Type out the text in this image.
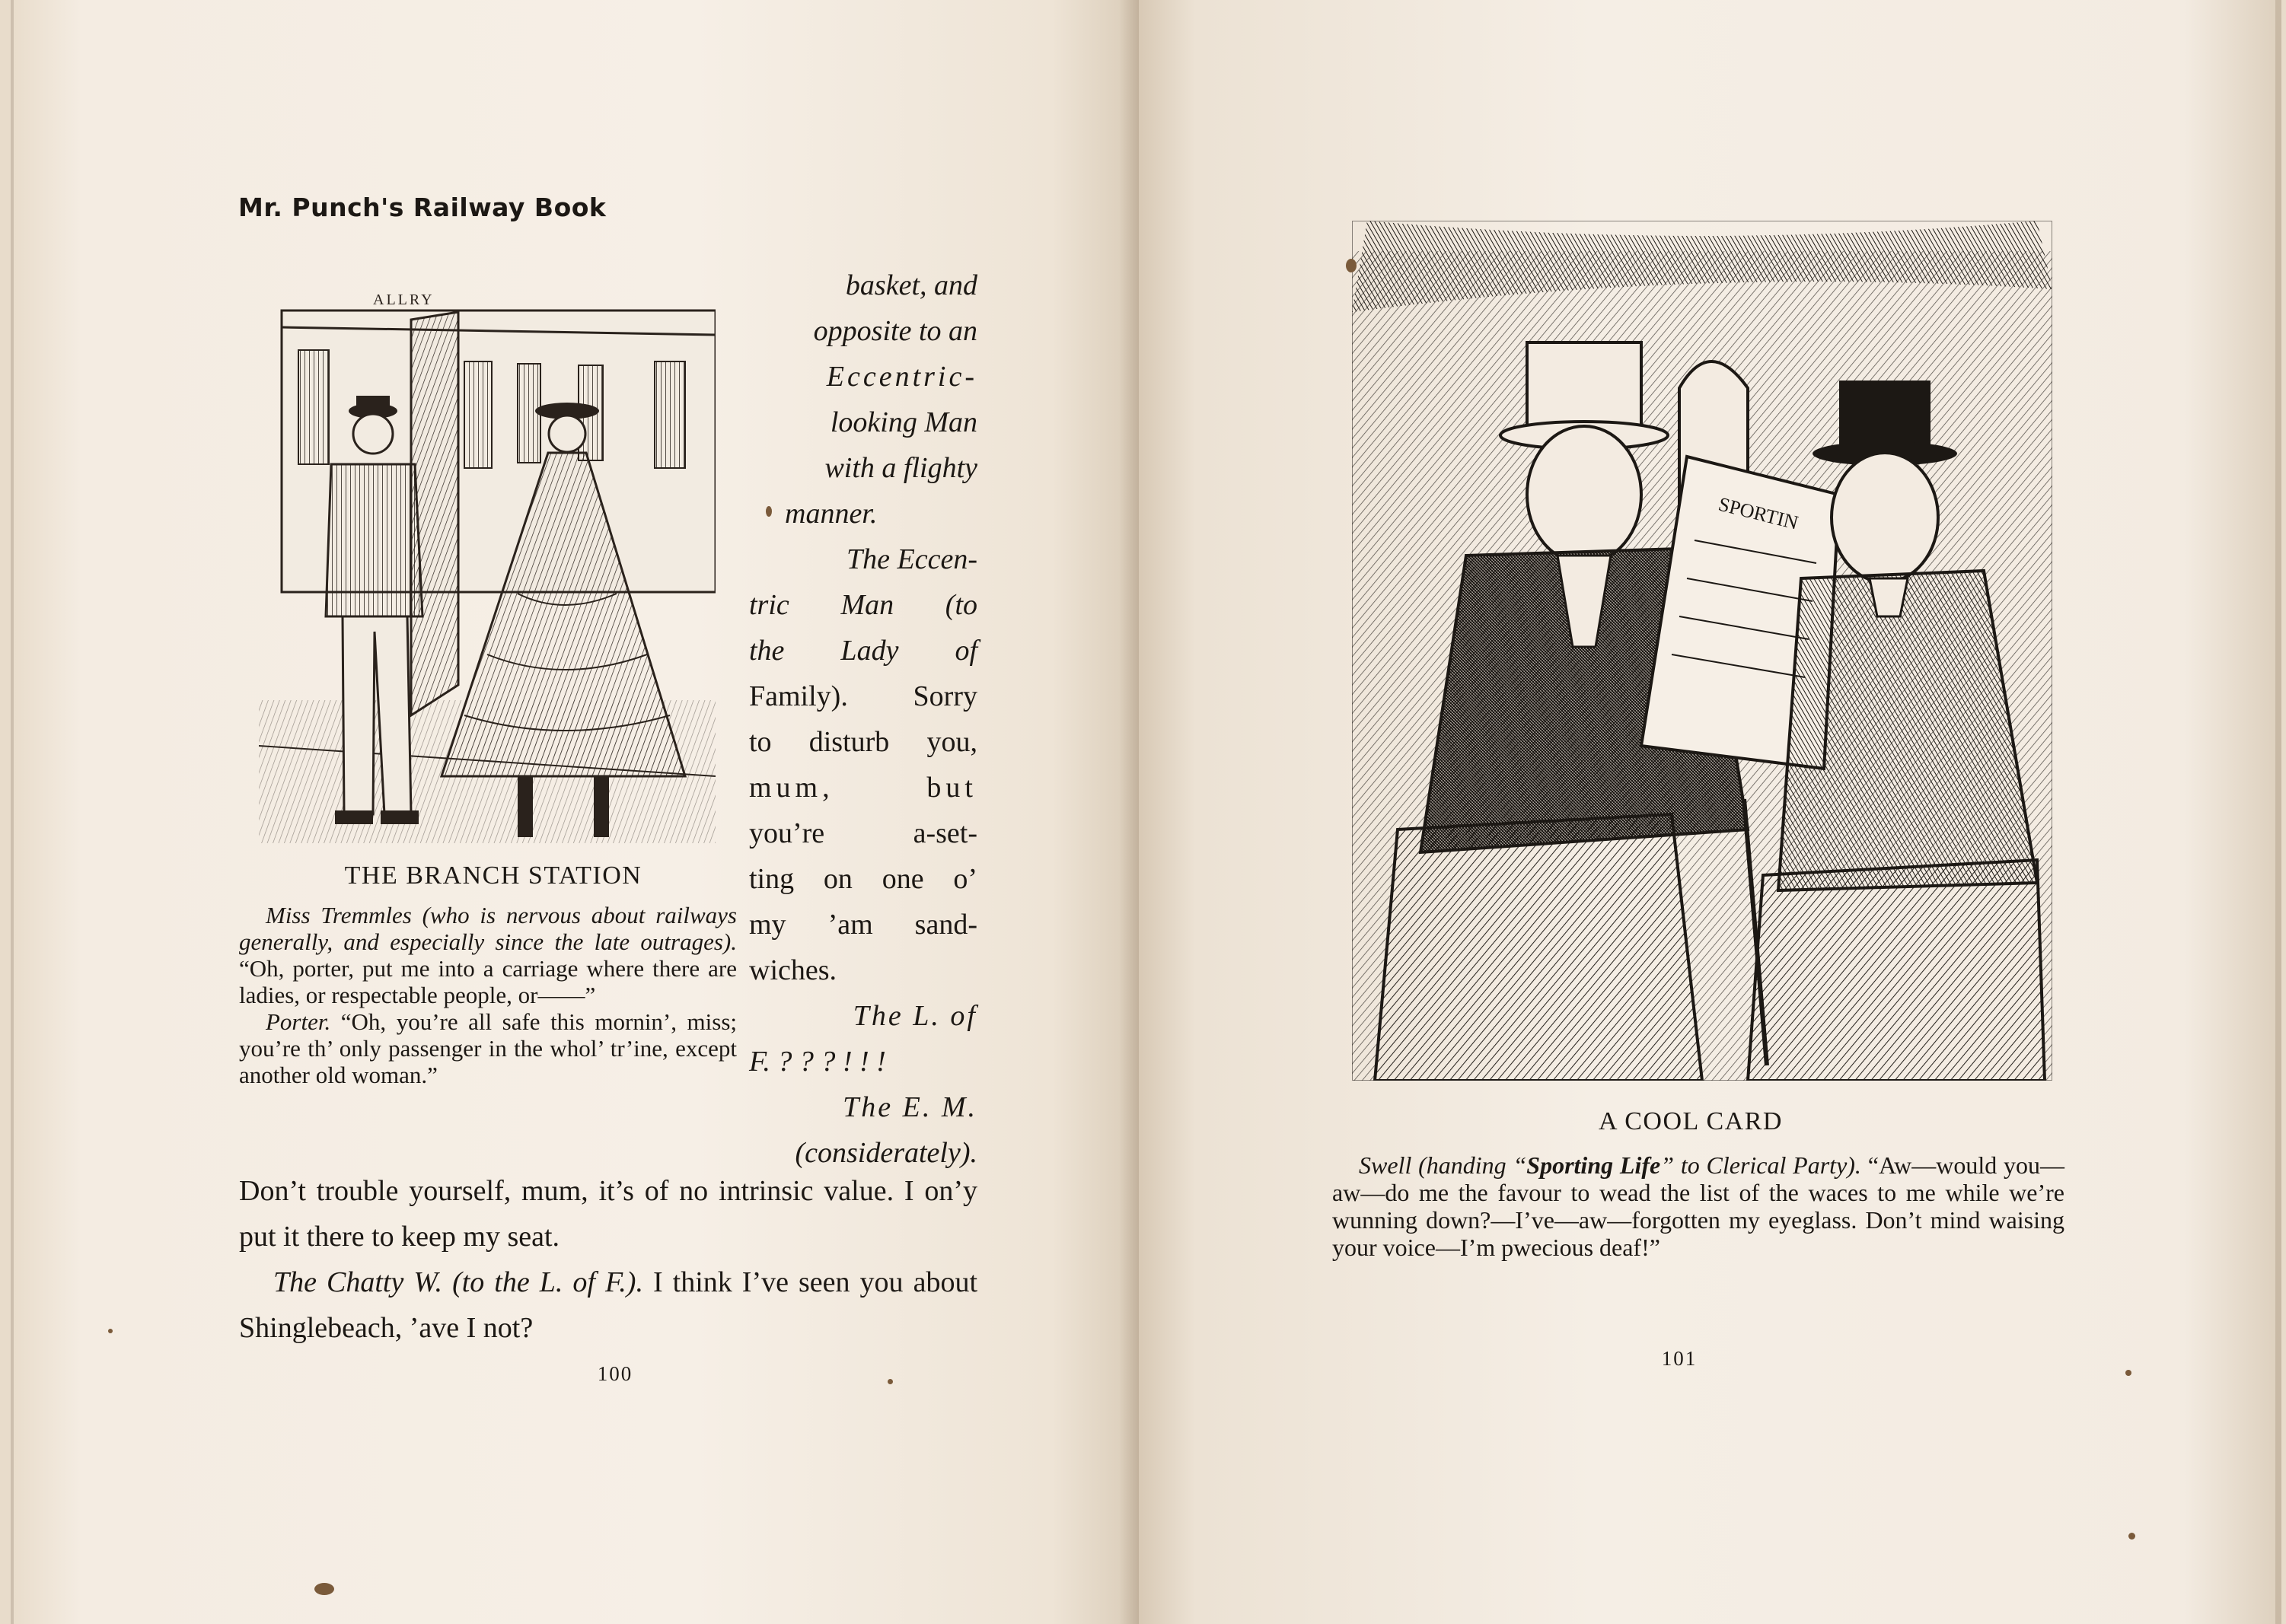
Mr. Punch's Railway Book
ALLRY
THE BRANCH STATION

Miss Tremmles (who is nervous about railways generally, and especially since the late outrages). “Oh, porter, put me into a carriage where there are ladies, or respectable people, or——”

Porter. “Oh, you’re all safe this mornin’, miss; you’re th’ only passenger in the whol’ tr’ine, except another old woman.”

basket, and

opposite to an

Eccentric-

looking Man

with a flighty

manner.

The Eccen-

tric Man (to

the Lady of

Family). Sorry

to disturb you,

mum, but

you’re a-set-

ting on one o’

my ’am sand-

wiches.

The L. of

F. ? ? ? ! ! !

The E. M.

(considerately).

Don’t trouble yourself, mum, it’s of no intrinsic value. I on’y put it there to keep my seat.

The Chatty W. (to the L. of F.). I think I’ve seen you about Shinglebeach, ’ave I not?

100
SPORTIN
A COOL CARD

Swell (handing “Sporting Life” to Clerical Party). “Aw—would you—aw—do me the favour to wead the list of the waces to me while we’re wunning down?—I’ve—aw—forgotten my eyeglass. Don’t mind waising your voice—I’m pwecious deaf!”

101
